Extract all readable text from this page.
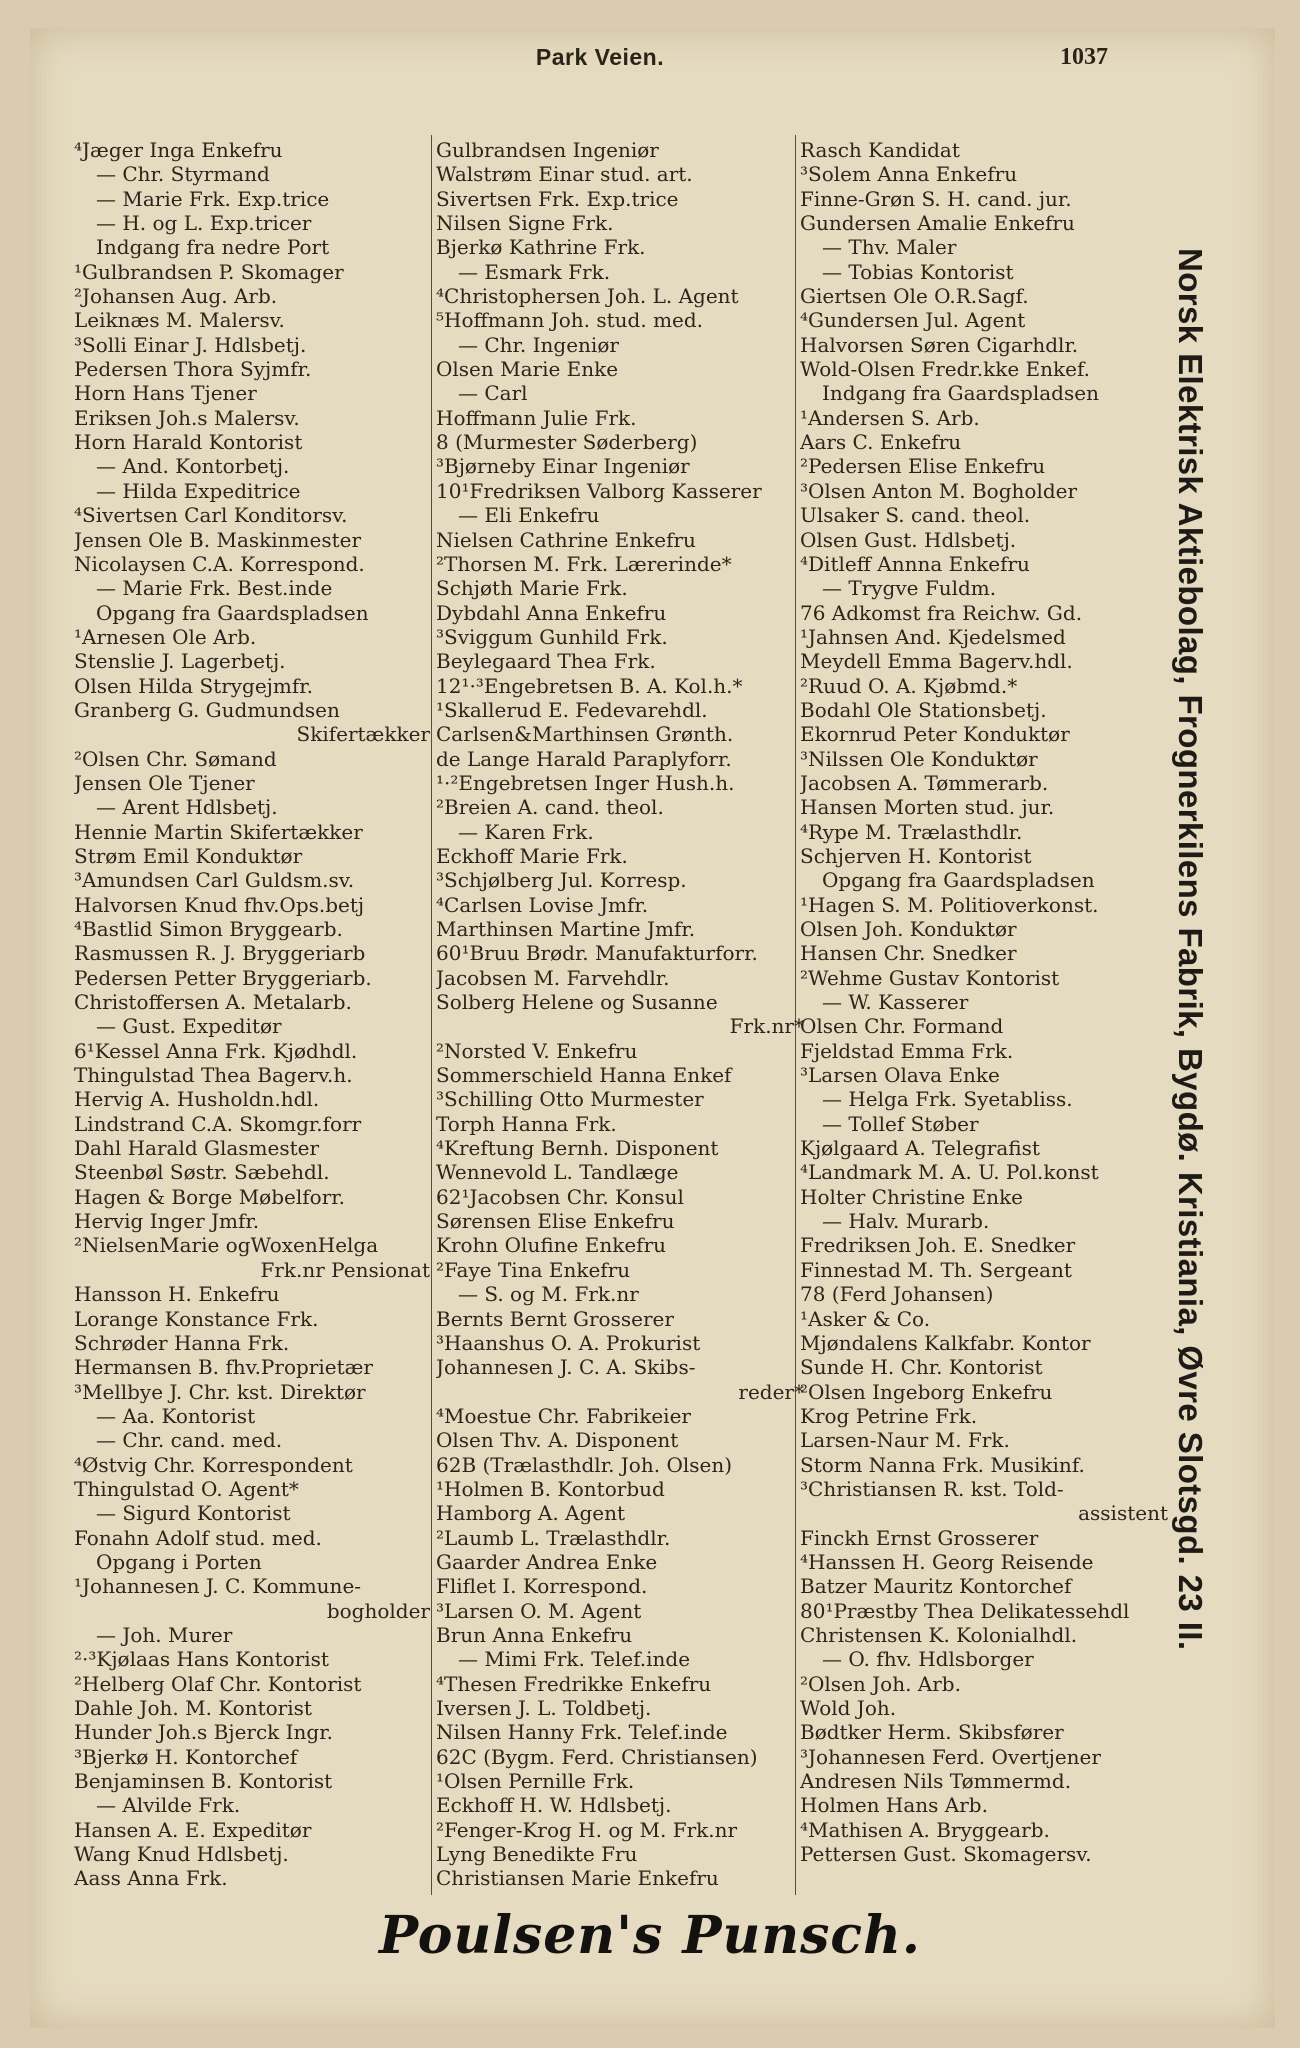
Park Veien.	1037
⁴Jæger Inga Enkefru
— Chr. Styrmand
— Marie Frk. Exp.trice
— H. og L. Exp.tricer
Indgang fra nedre Port
¹Gulbrandsen P. Skomager
²Johansen Aug. Arb.
Leiknæs M. Malersv.
³Solli Einar J. Hdlsbetj.
Pedersen Thora Syjmfr.
Horn Hans Tjener
Eriksen Joh.s Malersv.
Horn Harald Kontorist
— And. Kontorbetj.
— Hilda Expeditrice
⁴Sivertsen Carl Konditorsv.
Jensen Ole B. Maskinmester
Nicolaysen C.A. Korrespond.
— Marie Frk. Best.inde
Opgang fra Gaardspladsen
¹Arnesen Ole Arb.
Stenslie J. Lagerbetj.
Olsen Hilda Strygejmfr.
Granberg G. Gudmundsen
Skifertækker
²Olsen Chr. Sømand
Jensen Ole Tjener
— Arent Hdlsbetj.
Hennie Martin Skifertækker
Strøm Emil Konduktør
³Amundsen Carl Guldsm.sv.
Halvorsen Knud fhv.Ops.betj
⁴Bastlid Simon Bryggearb.
Rasmussen R. J. Bryggeriarb
Pedersen Petter Bryggeriarb.
Christoffersen A. Metalarb.
— Gust. Expeditør
6¹Kessel Anna Frk. Kjødhdl.
Thingulstad Thea Bagerv.h.
Hervig A. Husholdn.hdl.
Lindstrand C.A. Skomgr.forr
Dahl Harald Glasmester
Steenbøl Søstr. Sæbehdl.
Hagen & Borge Møbelforr.
Hervig Inger Jmfr.
²NielsenMarie ogWoxenHelga
Frk.nr Pensionat
Hansson H. Enkefru
Lorange Konstance Frk.
Schrøder Hanna Frk.
Hermansen B. fhv.Proprietær
³Mellbye J. Chr. kst. Direktør
— Aa. Kontorist
— Chr. cand. med.
⁴Østvig Chr. Korrespondent
Thingulstad O. Agent*
— Sigurd Kontorist
Fonahn Adolf stud. med.
Opgang i Porten
¹Johannesen J. C. Kommune-
bogholder
— Joh. Murer
²·³Kjølaas Hans Kontorist
²Helberg Olaf Chr. Kontorist
Dahle Joh. M. Kontorist
Hunder Joh.s Bjerck Ingr.
³Bjerkø H. Kontorchef
Benjaminsen B. Kontorist
— Alvilde Frk.
Hansen A. E. Expeditør
Wang Knud Hdlsbetj.
Aass Anna Frk.
Gulbrandsen Ingeniør
Walstrøm Einar stud. art.
Sivertsen Frk. Exp.trice
Nilsen Signe Frk.
Bjerkø Kathrine Frk.
— Esmark Frk.
⁴Christophersen Joh. L. Agent
⁵Hoffmann Joh. stud. med.
— Chr. Ingeniør
Olsen Marie Enke
— Carl
Hoffmann Julie Frk.
8 (Murmester Søderberg)
³Bjørneby Einar Ingeniør
10¹Fredriksen Valborg Kasserer
— Eli Enkefru
Nielsen Cathrine Enkefru
²Thorsen M. Frk. Lærerinde*
Schjøth Marie Frk.
Dybdahl Anna Enkefru
³Sviggum Gunhild Frk.
Beylegaard Thea Frk.
12¹·³Engebretsen B. A. Kol.h.*
¹Skallerud E. Fedevarehdl.
Carlsen&Marthinsen Grønth.
de Lange Harald Paraplyforr.
¹·²Engebretsen Inger Hush.h.
²Breien A. cand. theol.
— Karen Frk.
Eckhoff Marie Frk.
³Schjølberg Jul. Korresp.
⁴Carlsen Lovise Jmfr.
Marthinsen Martine Jmfr.
60¹Bruu Brødr. Manufakturforr.
Jacobsen M. Farvehdlr.
Solberg Helene og Susanne
Frk.nr*
²Norsted V. Enkefru
Sommerschield Hanna Enkef
³Schilling Otto Murmester
Torph Hanna Frk.
⁴Kreftung Bernh. Disponent
Wennevold L. Tandlæge
62¹Jacobsen Chr. Konsul
Sørensen Elise Enkefru
Krohn Olufine Enkefru
²Faye Tina Enkefru
— S. og M. Frk.nr
Bernts Bernt Grosserer
³Haanshus O. A. Prokurist
Johannesen J. C. A. Skibs-
reder*
⁴Moestue Chr. Fabrikeier
Olsen Thv. A. Disponent
62B (Trælasthdlr. Joh. Olsen)
¹Holmen B. Kontorbud
Hamborg A. Agent
²Laumb L. Trælasthdlr.
Gaarder Andrea Enke
Fliflet I. Korrespond.
³Larsen O. M. Agent
Brun Anna Enkefru
— Mimi Frk. Telef.inde
⁴Thesen Fredrikke Enkefru
Iversen J. L. Toldbetj.
Nilsen Hanny Frk. Telef.inde
62C (Bygm. Ferd. Christiansen)
¹Olsen Pernille Frk.
Eckhoff H. W. Hdlsbetj.
²Fenger-Krog H. og M. Frk.nr
Lyng Benedikte Fru
Christiansen Marie Enkefru
Rasch Kandidat
³Solem Anna Enkefru
Finne-Grøn S. H. cand. jur.
Gundersen Amalie Enkefru
— Thv. Maler
— Tobias Kontorist
Giertsen Ole O.R.Sagf.
⁴Gundersen Jul. Agent
Halvorsen Søren Cigarhdlr.
Wold-Olsen Fredr.kke Enkef.
Indgang fra Gaardspladsen
¹Andersen S. Arb.
Aars C. Enkefru
²Pedersen Elise Enkefru
³Olsen Anton M. Bogholder
Ulsaker S. cand. theol.
Olsen Gust. Hdlsbetj.
⁴Ditleff Annna Enkefru
— Trygve Fuldm.
76 Adkomst fra Reichw. Gd.
¹Jahnsen And. Kjedelsmed
Meydell Emma Bagerv.hdl.
²Ruud O. A. Kjøbmd.*
Bodahl Ole Stationsbetj.
Ekornrud Peter Konduktør
³Nilssen Ole Konduktør
Jacobsen A. Tømmerarb.
Hansen Morten stud. jur.
⁴Rype M. Trælasthdlr.
Schjerven H. Kontorist
Opgang fra Gaardspladsen
¹Hagen S. M. Politioverkonst.
Olsen Joh. Konduktør
Hansen Chr. Snedker
²Wehme Gustav Kontorist
— W. Kasserer
Olsen Chr. Formand
Fjeldstad Emma Frk.
³Larsen Olava Enke
— Helga Frk. Syetabliss.
— Tollef Støber
Kjølgaard A. Telegrafist
⁴Landmark M. A. U. Pol.konst
Holter Christine Enke
— Halv. Murarb.
Fredriksen Joh. E. Snedker
Finnestad M. Th. Sergeant
78 (Ferd Johansen)
¹Asker & Co.
Mjøndalens Kalkfabr. Kontor
Sunde H. Chr. Kontorist
²Olsen Ingeborg Enkefru
Krog Petrine Frk.
Larsen-Naur M. Frk.
Storm Nanna Frk. Musikinf.
³Christiansen R. kst. Told-
assistent
Finckh Ernst Grosserer
⁴Hanssen H. Georg Reisende
Batzer Mauritz Kontorchef
80¹Præstby Thea Delikatessehdl
Christensen K. Kolonialhdl.
— O. fhv. Hdlsborger
²Olsen Joh. Arb.
Wold Joh.
Bødtker Herm. Skibsfører
³Johannesen Ferd. Overtjener
Andresen Nils Tømmermd.
Holmen Hans Arb.
⁴Mathisen A. Bryggearb.
Pettersen Gust. Skomagersv.
Norsk Elektrisk Aktiebolag, Frognerkilens Fabrik, Bygdø. Kristiania, Øvre Slotsgd. 23 II.
Poulsen's Punsch.
